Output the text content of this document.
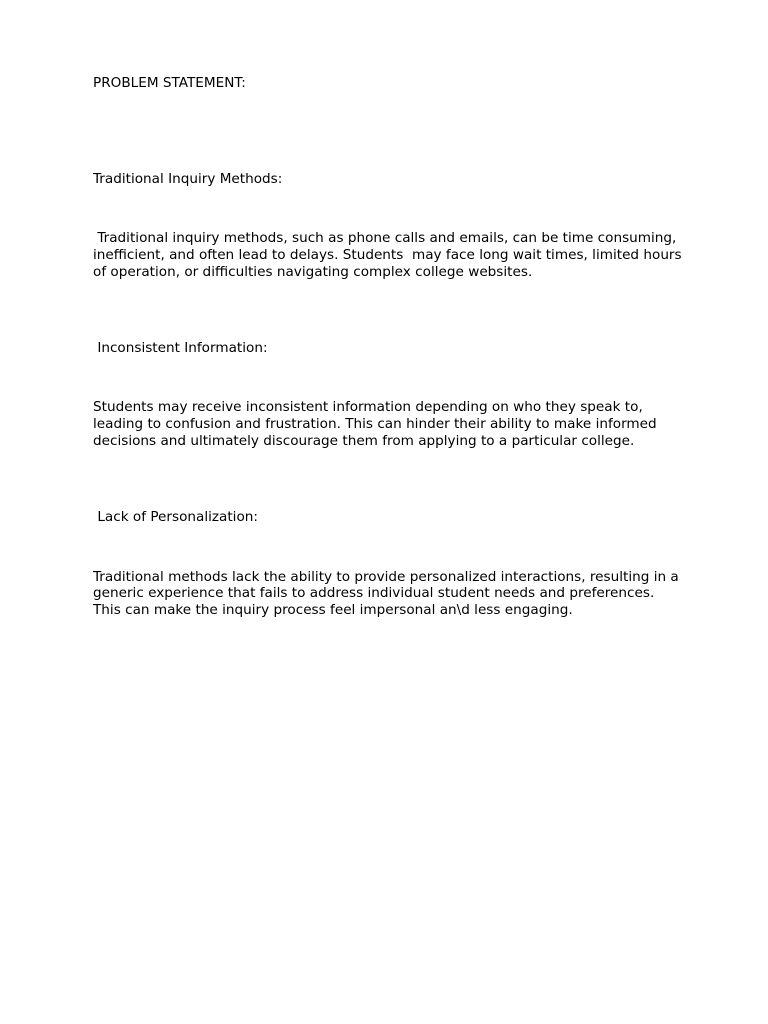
PROBLEM STATEMENT:

Traditional Inquiry Methods:

Traditional inquiry methods, such as phone calls and emails, can be time consuming, inefficient, and often lead to delays. Students  may face long wait times, limited hours of operation, or difficulties navigating complex college websites.

Inconsistent Information:

Students may receive inconsistent information depending on who they speak to, leading to confusion and frustration. This can hinder their ability to make informed decisions and ultimately discourage them from applying to a particular college.

Lack of Personalization:

Traditional methods lack the ability to provide personalized interactions, resulting in a generic experience that fails to address individual student needs and preferences. This can make the inquiry process feel impersonal an\d less engaging.
